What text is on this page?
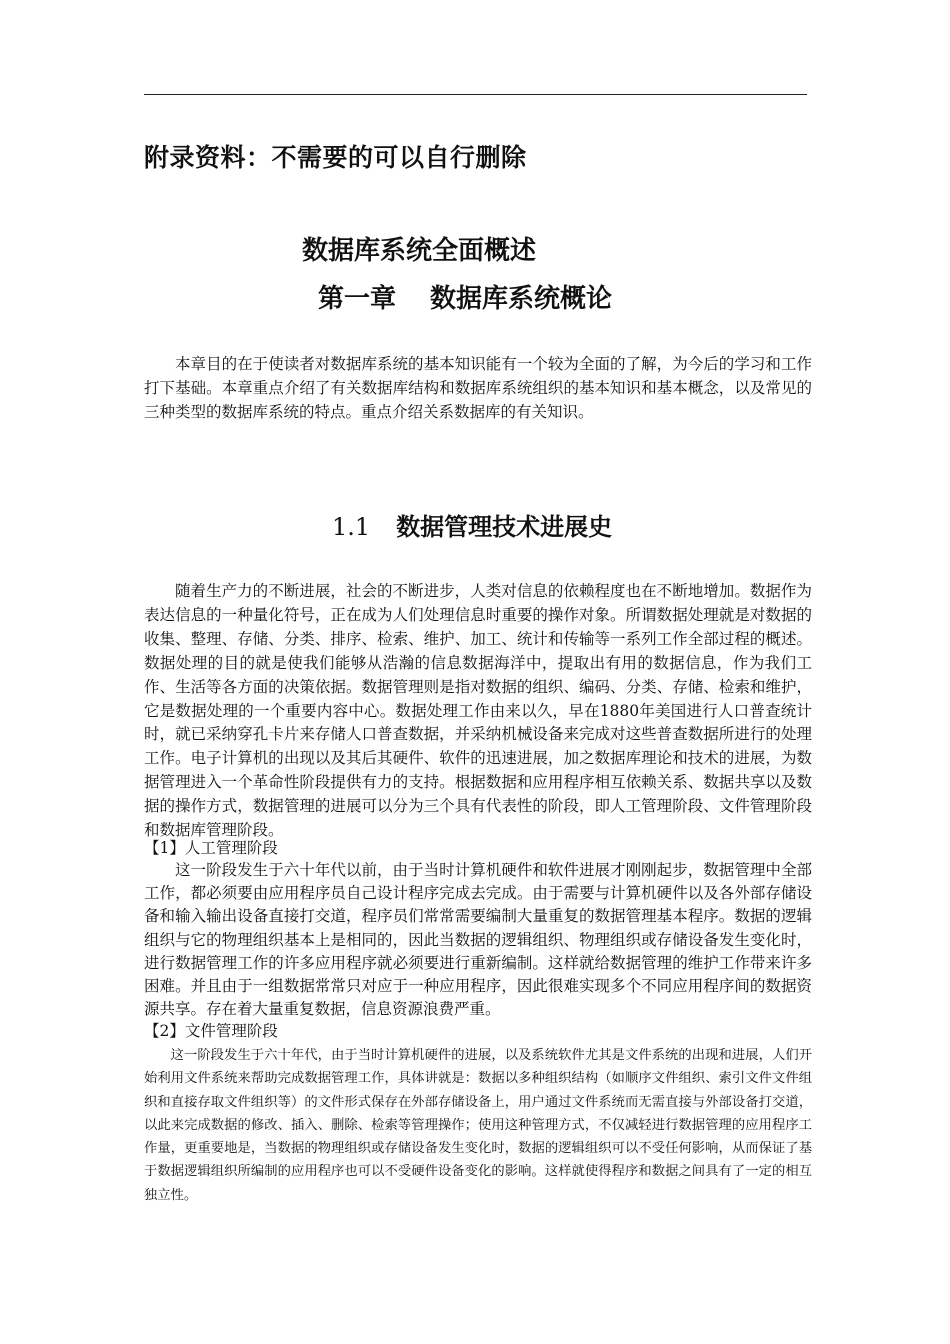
附录资料：不需要的可以自行删除
数据库系统全面概述
第一章 数据库系统概论

本章目的在于使读者对数据库系统的基本知识能有一个较为全面的了解，为今后的学习和工作打下基础。本章重点介绍了有关数据库结构和数据库系统组织的基本知识和基本概念，以及常见的三种类型的数据库系统的特点。重点介绍关系数据库的有关知识。

1.1 数据管理技术进展史

随着生产力的不断进展，社会的不断进步，人类对信息的依赖程度也在不断地增加。数据作为表达信息的一种量化符号，正在成为人们处理信息时重要的操作对象。所谓数据处理就是对数据的收集、整理、存储、分类、排序、检索、维护、加工、统计和传输等一系列工作全部过程的概述。数据处理的目的就是使我们能够从浩瀚的信息数据海洋中，提取出有用的数据信息，作为我们工作、生活等各方面的决策依据。数据管理则是指对数据的组织、编码、分类、存储、检索和维护，它是数据处理的一个重要内容中心。数据处理工作由来以久，早在1880年美国进行人口普查统计时，就已采纳穿孔卡片来存储人口普查数据，并采纳机械设备来完成对这些普查数据所进行的处理工作。电子计算机的出现以及其后其硬件、软件的迅速进展，加之数据库理论和技术的进展，为数据管理进入一个革命性阶段提供有力的支持。根据数据和应用程序相互依赖关系、数据共享以及数据的操作方式，数据管理的进展可以分为三个具有代表性的阶段，即人工管理阶段、文件管理阶段和数据库管理阶段。

【1】人工管理阶段

这一阶段发生于六十年代以前，由于当时计算机硬件和软件进展才刚刚起步，数据管理中全部工作，都必须要由应用程序员自己设计程序完成去完成。由于需要与计算机硬件以及各外部存储设备和输入输出设备直接打交道，程序员们常常需要编制大量重复的数据管理基本程序。数据的逻辑组织与它的物理组织基本上是相同的，因此当数据的逻辑组织、物理组织或存储设备发生变化时，进行数据管理工作的许多应用程序就必须要进行重新编制。这样就给数据管理的维护工作带来许多困难。并且由于一组数据常常只对应于一种应用程序，因此很难实现多个不同应用程序间的数据资源共享。存在着大量重复数据，信息资源浪费严重。

【2】文件管理阶段

这一阶段发生于六十年代，由于当时计算机硬件的进展，以及系统软件尤其是文件系统的出现和进展，人们开始利用文件系统来帮助完成数据管理工作，具体讲就是：数据以多种组织结构（如顺序文件组织、索引文件文件组织和直接存取文件组织等）的文件形式保存在外部存储设备上，用户通过文件系统而无需直接与外部设备打交道，以此来完成数据的修改、插入、删除、检索等管理操作；使用这种管理方式，不仅减轻进行数据管理的应用程序工作量，更重要地是，当数据的物理组织或存储设备发生变化时，数据的逻辑组织可以不受任何影响，从而保证了基于数据逻辑组织所编制的应用程序也可以不受硬件设备变化的影响。这样就使得程序和数据之间具有了一定的相互独立性。
